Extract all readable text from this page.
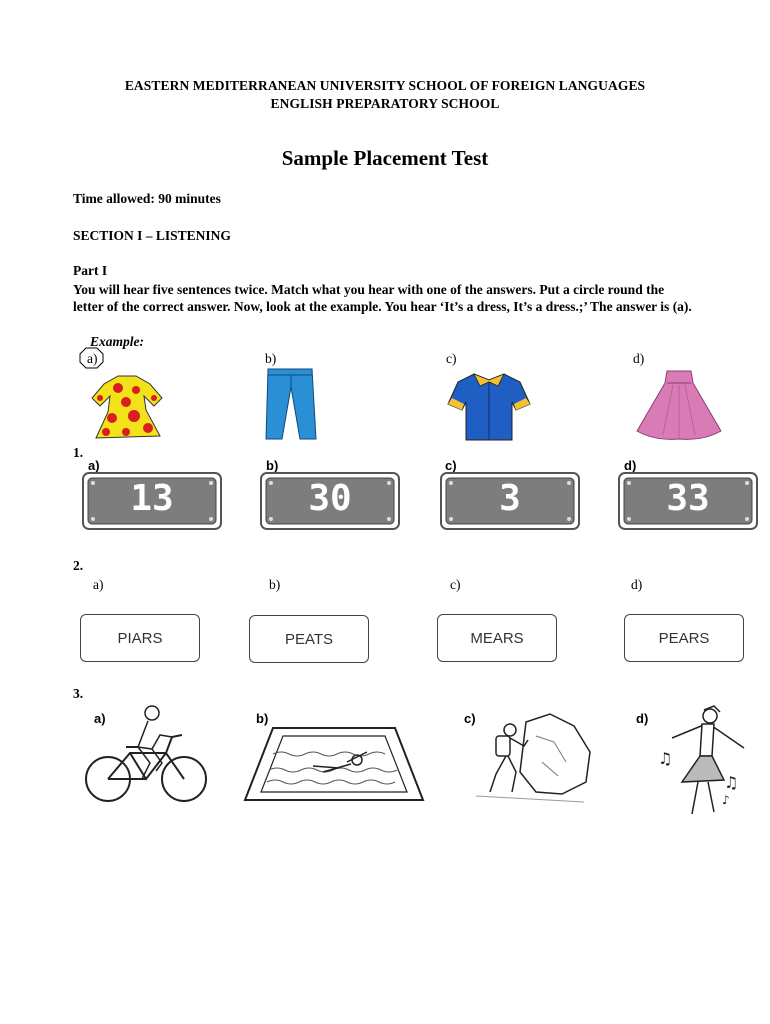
EASTERN MEDITERRANEAN UNIVERSITY SCHOOL OF FOREIGN LANGUAGES
ENGLISH PREPARATORY SCHOOL
Sample Placement Test
Time allowed: 90 minutes
SECTION I – LISTENING
Part I
You will hear five sentences twice. Match what you hear with one of the answers. Put a circle round the letter of the correct answer. Now, look at the example. You hear ‘It’s a dress, It’s a dress.;’ The answer is (a).
Example:
a)	b)	c)	d)
1.
a)	b)	c)	d)
13	30	3	33
2.
a)	b)	c)	d)
PIARS	PEATS	MEARS	PEARS
3.
a)	b)	c)	d)
♫
♫
♪
